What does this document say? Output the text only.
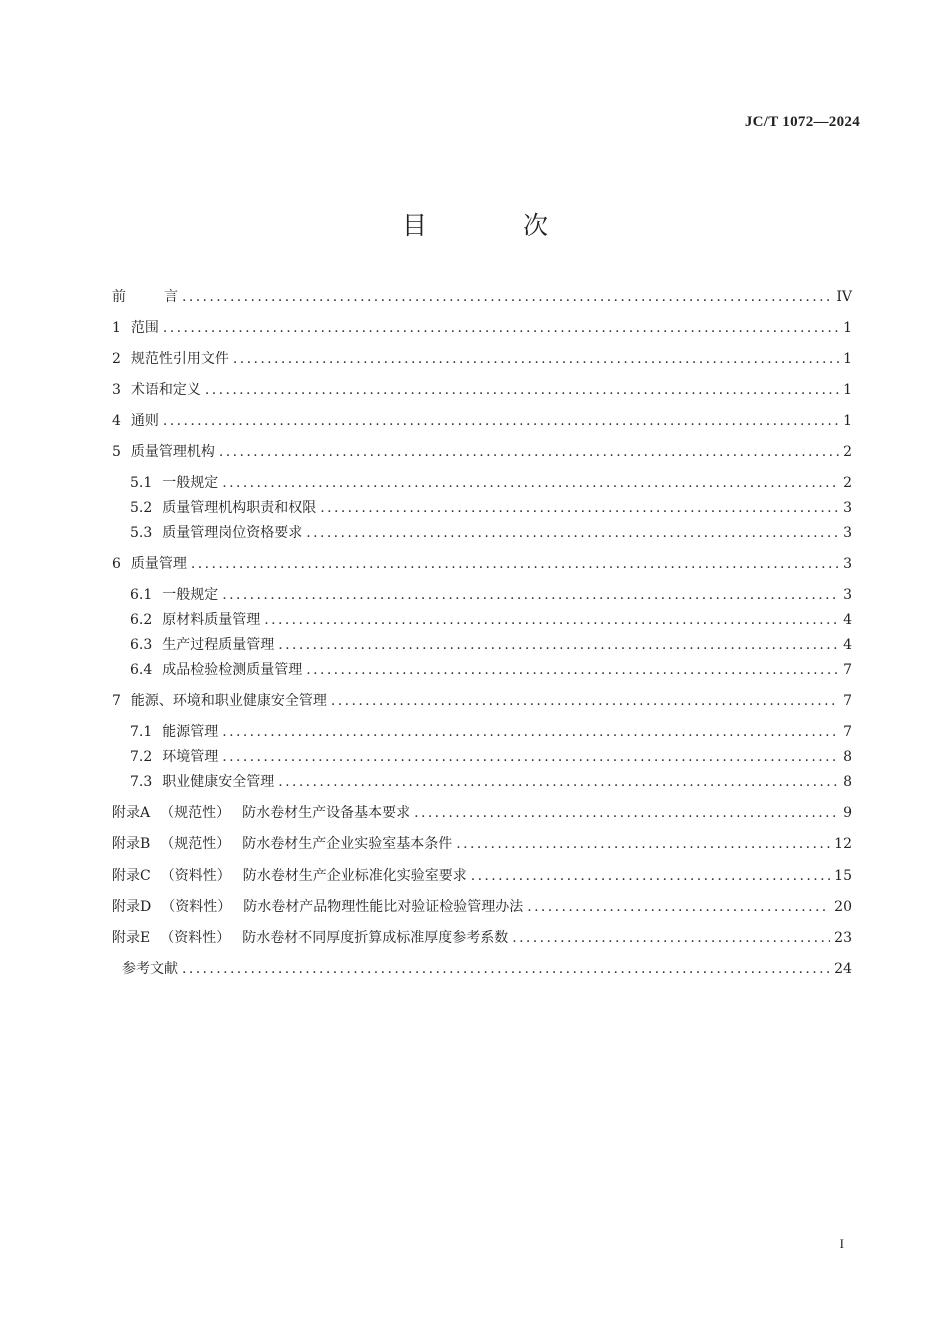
JC/T 1072—2024
目 次
前	言 .....	IV
1 范围 .....	1
2 规范性引用文件 .....	1
3 术语和定义 .....	1
4 通则 .....	1
5 质量管理机构 .....	2
5.1 一般规定 .....	2
5.2 质量管理机构职责和权限 .....	3
5.3 质量管理岗位资格要求 .....	3
6 质量管理 .....	3
6.1 一般规定 .....	3
6.2 原材料质量管理 .....	4
6.3 生产过程质量管理 .....	4
6.4 成品检验检测质量管理 .....	7
7 能源、环境和职业健康安全管理 .....	7
7.1 能源管理 .....	7
7.2 环境管理 .....	8
7.3 职业健康安全管理 .....	8
附录A （规范性） 防水卷材生产设备基本要求 .....	9
附录B （规范性） 防水卷材生产企业实验室基本条件 .....	12
附录C （资料性） 防水卷材生产企业标准化实验室要求 .....	15
附录D （资料性） 防水卷材产品物理性能比对验证检验管理办法 .....	20
附录E （资料性） 防水卷材不同厚度折算成标准厚度参考系数 .....	23
参考文献 .....	24
I
